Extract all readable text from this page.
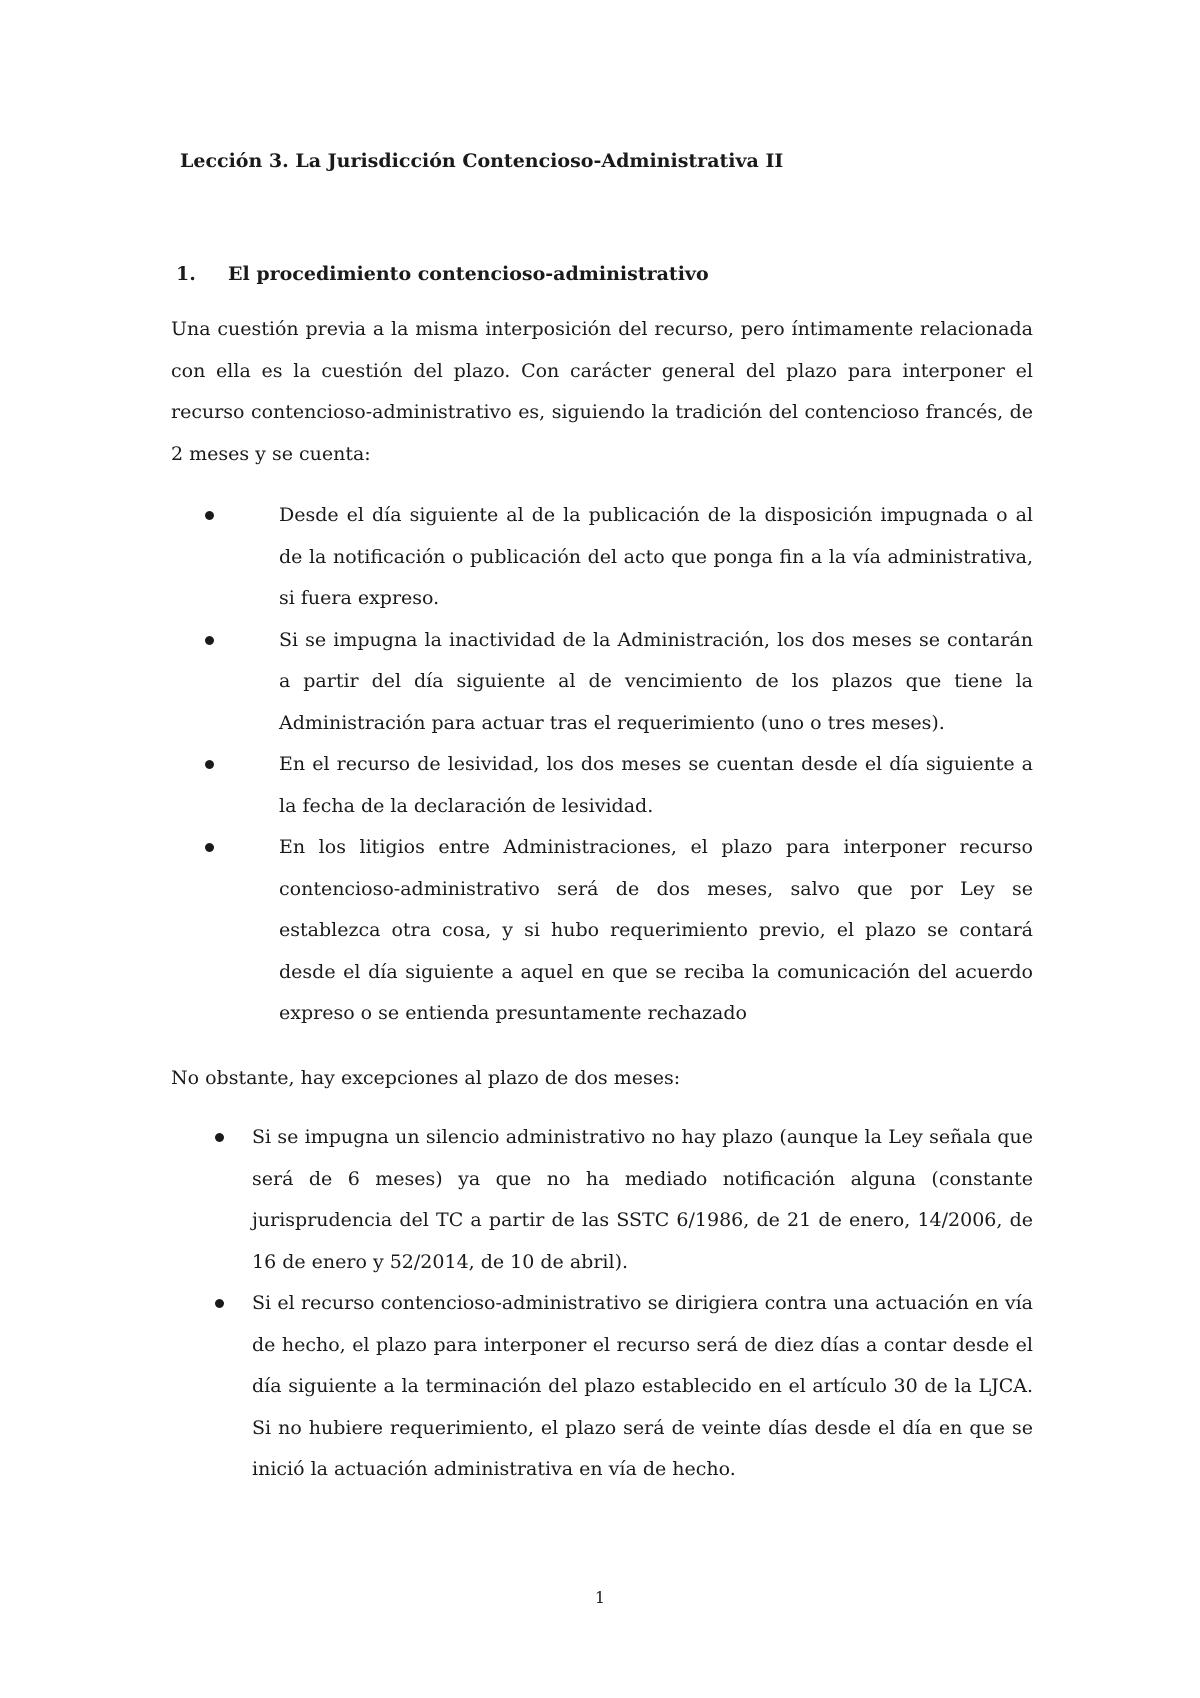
Lección 3. La Jurisdicción Contencioso-Administrativa II
1. El procedimiento contencioso-administrativo

Una cuestión previa a la misma interposición del recurso, pero íntimamente relacionada con ella es la cuestión del plazo. Con carácter general del plazo para interponer el recurso contencioso-administrativo es, siguiendo la tradición del contencioso francés, de 2 meses y se cuenta:

Desde el día siguiente al de la publicación de la disposición impugnada o al de la notificación o publicación del acto que ponga fin a la vía administrativa, si fuera expreso.
Si se impugna la inactividad de la Administración, los dos meses se contarán a partir del día siguiente al de vencimiento de los plazos que tiene la Administración para actuar tras el requerimiento (uno o tres meses).
En el recurso de lesividad, los dos meses se cuentan desde el día siguiente a la fecha de la declaración de lesividad.
En los litigios entre Administraciones, el plazo para interponer recurso contencioso-administrativo será de dos meses, salvo que por Ley se establezca otra cosa, y si hubo requerimiento previo, el plazo se contará desde el día siguiente a aquel en que se reciba la comunicación del acuerdo expreso o se entienda presuntamente rechazado

No obstante, hay excepciones al plazo de dos meses:

Si se impugna un silencio administrativo no hay plazo (aunque la Ley señala que será de 6 meses) ya que no ha mediado notificación alguna (constante jurisprudencia del TC a partir de las SSTC 6/1986, de 21 de enero, 14/2006, de 16 de enero y 52/2014, de 10 de abril).
Si el recurso contencioso-administrativo se dirigiera contra una actuación en vía de hecho, el plazo para interponer el recurso será de diez días a contar desde el día siguiente a la terminación del plazo establecido en el artículo 30 de la LJCA. Si no hubiere requerimiento, el plazo será de veinte días desde el día en que se inició la actuación administrativa en vía de hecho.
1
